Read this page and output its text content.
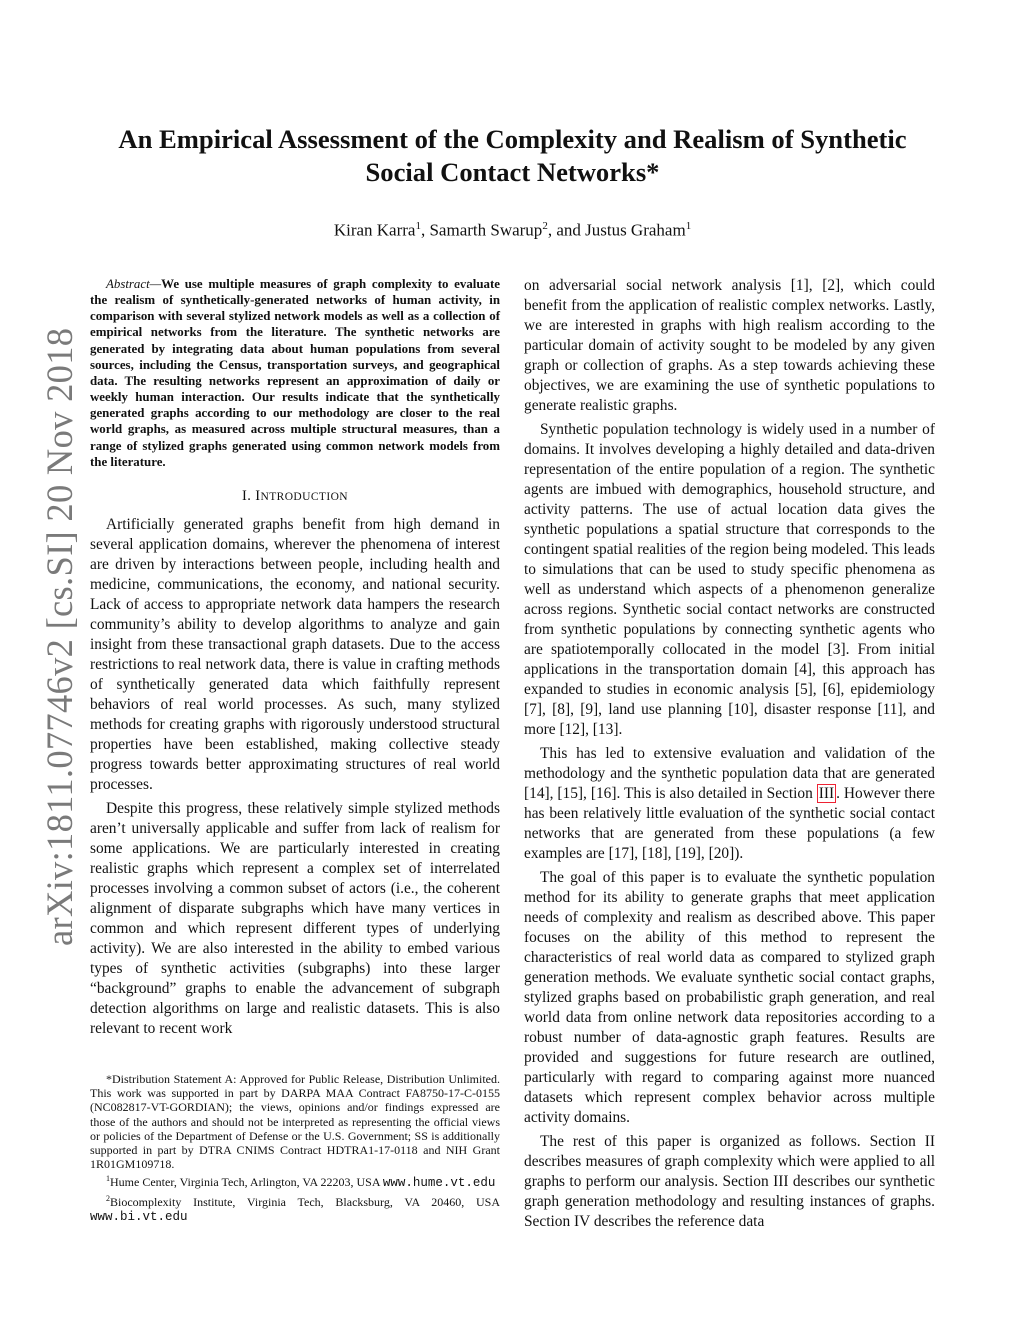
arXiv:1811.07746v2 [cs.SI] 20 Nov 2018
An Empirical Assessment of the Complexity and Realism of Synthetic
Social Contact Networks*
Kiran Karra$^1$, Samarth Swarup$^2$, and Justus Graham$^1$

Abstract—We use multiple measures of graph complexity to evaluate the realism of synthetically-generated networks of human activity, in comparison with several stylized network models as well as a collection of empirical networks from the literature. The synthetic networks are generated by integrating data about human populations from several sources, including the Census, transportation surveys, and geographical data. The resulting networks represent an approximation of daily or weekly human interaction. Our results indicate that the synthetically generated graphs according to our methodology are closer to the real world graphs, as measured across multiple structural measures, than a range of stylized graphs generated using common network models from the literature.

I. INTRODUCTION

Artificially generated graphs benefit from high demand in several application domains, wherever the phenomena of interest are driven by interactions between people, including health and medicine, communications, the economy, and national security. Lack of access to appropriate network data hampers the research community’s ability to develop algorithms to analyze and gain insight from these transactional graph datasets. Due to the access restrictions to real network data, there is value in crafting methods of synthetically generated data which faithfully represent behaviors of real world processes. As such, many stylized methods for creating graphs with rigorously understood structural properties have been established, making collective steady progress towards better approximating structures of real world processes.

Despite this progress, these relatively simple stylized methods aren’t universally applicable and suffer from lack of realism for some applications. We are particularly interested in creating realistic graphs which represent a complex set of interrelated processes involving a common subset of actors (i.e., the coherent alignment of disparate subgraphs which have many vertices in common and which represent different types of underlying activity). We are also interested in the ability to embed various types of synthetic activities (subgraphs) into these larger “background” graphs to enable the advancement of subgraph detection algorithms on large and realistic datasets. This is also relevant to recent work

on adversarial social network analysis [1], [2], which could benefit from the application of realistic complex networks. Lastly, we are interested in graphs with high realism according to the particular domain of activity sought to be modeled by any given graph or collection of graphs. As a step towards achieving these objectives, we are examining the use of synthetic populations to generate realistic graphs.

Synthetic population technology is widely used in a number of domains. It involves developing a highly detailed and data-driven representation of the entire population of a region. The synthetic agents are imbued with demographics, household structure, and activity patterns. The use of actual location data gives the synthetic populations a spatial structure that corresponds to the contingent spatial realities of the region being modeled. This leads to simulations that can be used to study specific phenomena as well as understand which aspects of a phenomenon generalize across regions. Synthetic social contact networks are constructed from synthetic populations by connecting synthetic agents who are spatiotemporally collocated in the model [3]. From initial applications in the transportation domain [4], this approach has expanded to studies in economic analysis [5], [6], epidemiology [7], [8], [9], land use planning [10], disaster response [11], and more [12], [13].

This has led to extensive evaluation and validation of the methodology and the synthetic population data that are generated [14], [15], [16]. This is also detailed in Section III . However there has been relatively little evaluation of the synthetic social contact networks that are generated from these populations (a few examples are [17], [18], [19], [20]).

The goal of this paper is to evaluate the synthetic population method for its ability to generate graphs that meet application needs of complexity and realism as described above. This paper focuses on the ability of this method to represent the characteristics of real world data as compared to stylized graph generation methods. We evaluate synthetic social contact graphs, stylized graphs based on probabilistic graph generation, and real world data from online network data repositories according to a robust number of data-agnostic graph features. Results are provided and suggestions for future research are outlined, particularly with regard to comparing against more nuanced datasets which represent complex behavior across multiple activity domains.

The rest of this paper is organized as follows. Section II describes measures of graph complexity which were applied to all graphs to perform our analysis. Section III describes our synthetic graph generation methodology and resulting instances of graphs. Section IV describes the reference data

*Distribution Statement A: Approved for Public Release, Distribution Unlimited. This work was supported in part by DARPA MAA Contract FA8750-17-C-0155 (NC082817-VT-GORDIAN); the views, opinions and/or findings expressed are those of the authors and should not be interpreted as representing the official views or policies of the Department of Defense or the U.S. Government; SS is additionally supported in part by DTRA CNIMS Contract HDTRA1-17-0118 and NIH Grant 1R01GM109718.

$^1$Hume Center, Virginia Tech, Arlington, VA 22203, USA www.hume.vt.edu

$^2$Biocomplexity Institute, Virginia Tech, Blacksburg, VA 20460, USA www.bi.vt.edu
